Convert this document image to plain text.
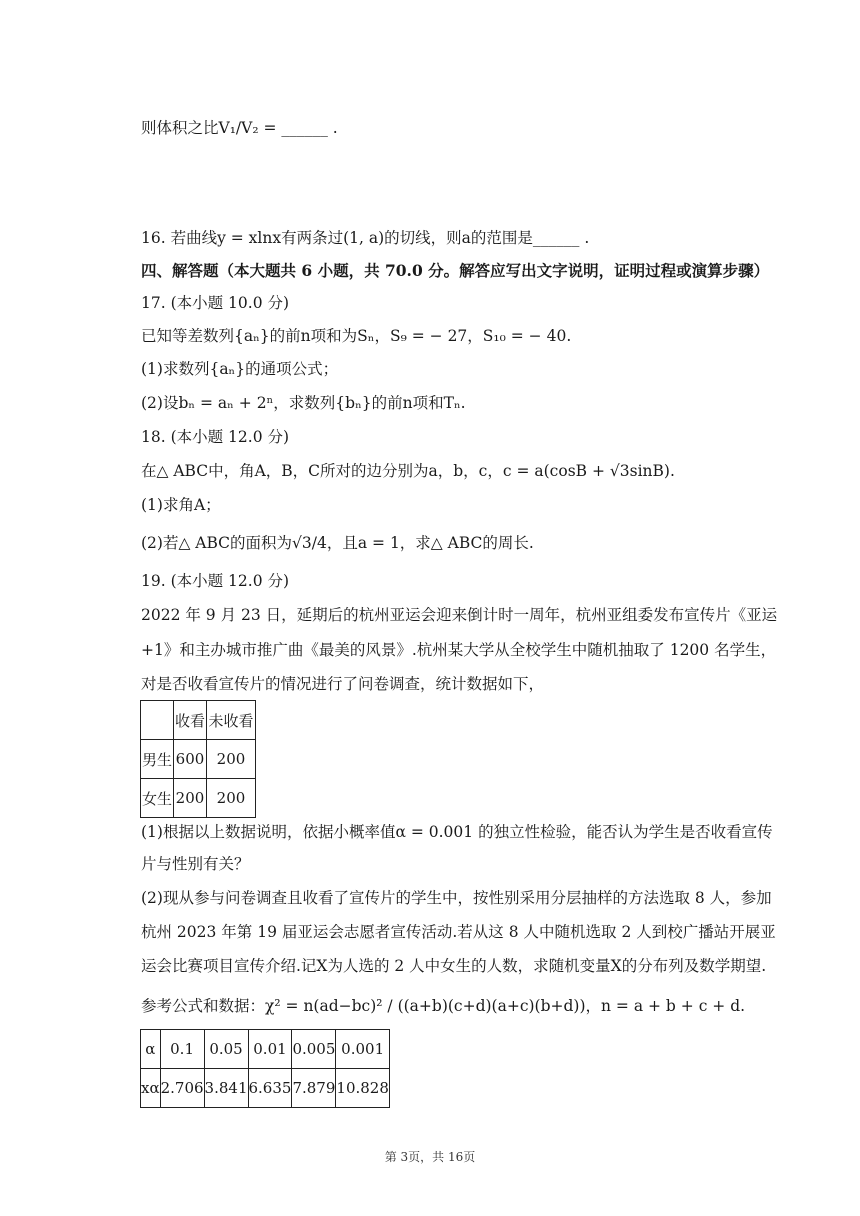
则体积之比V₁/V₂ = ______ .
16. 若曲线y = xlnx有两条过(1, a)的切线，则a的范围是______ .
四、解答题（本大题共 6 小题，共 70.0 分。解答应写出文字说明，证明过程或演算步骤）
17. (本小题 10.0 分)
已知等差数列{aₙ}的前n项和为Sₙ，S₉ = − 27，S₁₀ = − 40.
(1)求数列{aₙ}的通项公式；
(2)设bₙ = aₙ + 2ⁿ，求数列{bₙ}的前n项和Tₙ.
18. (本小题 12.0 分)
在△ ABC中，角A，B，C所对的边分别为a，b，c，c = a(cosB + √3sinB).
(1)求角A；
(2)若△ ABC的面积为√3/4，且a = 1，求△ ABC的周长.
19. (本小题 12.0 分)
2022 年 9 月 23 日，延期后的杭州亚运会迎来倒计时一周年，杭州亚组委发布宣传片《亚运
+1》和主办城市推广曲《最美的风景》.杭州某大学从全校学生中随机抽取了 1200 名学生，
对是否收看宣传片的情况进行了问卷调查，统计数据如下，
	收看	未收看
男生	600	200
女生	200	200
(1)根据以上数据说明，依据小概率值α = 0.001 的独立性检验，能否认为学生是否收看宣传
片与性别有关？
(2)现从参与问卷调查且收看了宣传片的学生中，按性别采用分层抽样的方法选取 8 人，参加
杭州 2023 年第 19 届亚运会志愿者宣传活动.若从这 8 人中随机选取 2 人到校广播站开展亚
运会比赛项目宣传介绍.记X为人选的 2 人中女生的人数，求随机变量X的分布列及数学期望.
参考公式和数据：χ² = n(ad−bc)² / ((a+b)(c+d)(a+c)(b+d))，n = a + b + c + d.
α	0.1	0.05	0.01	0.005	0.001
xα	2.706	3.841	6.635	7.879	10.828
第 3页，共 16页
